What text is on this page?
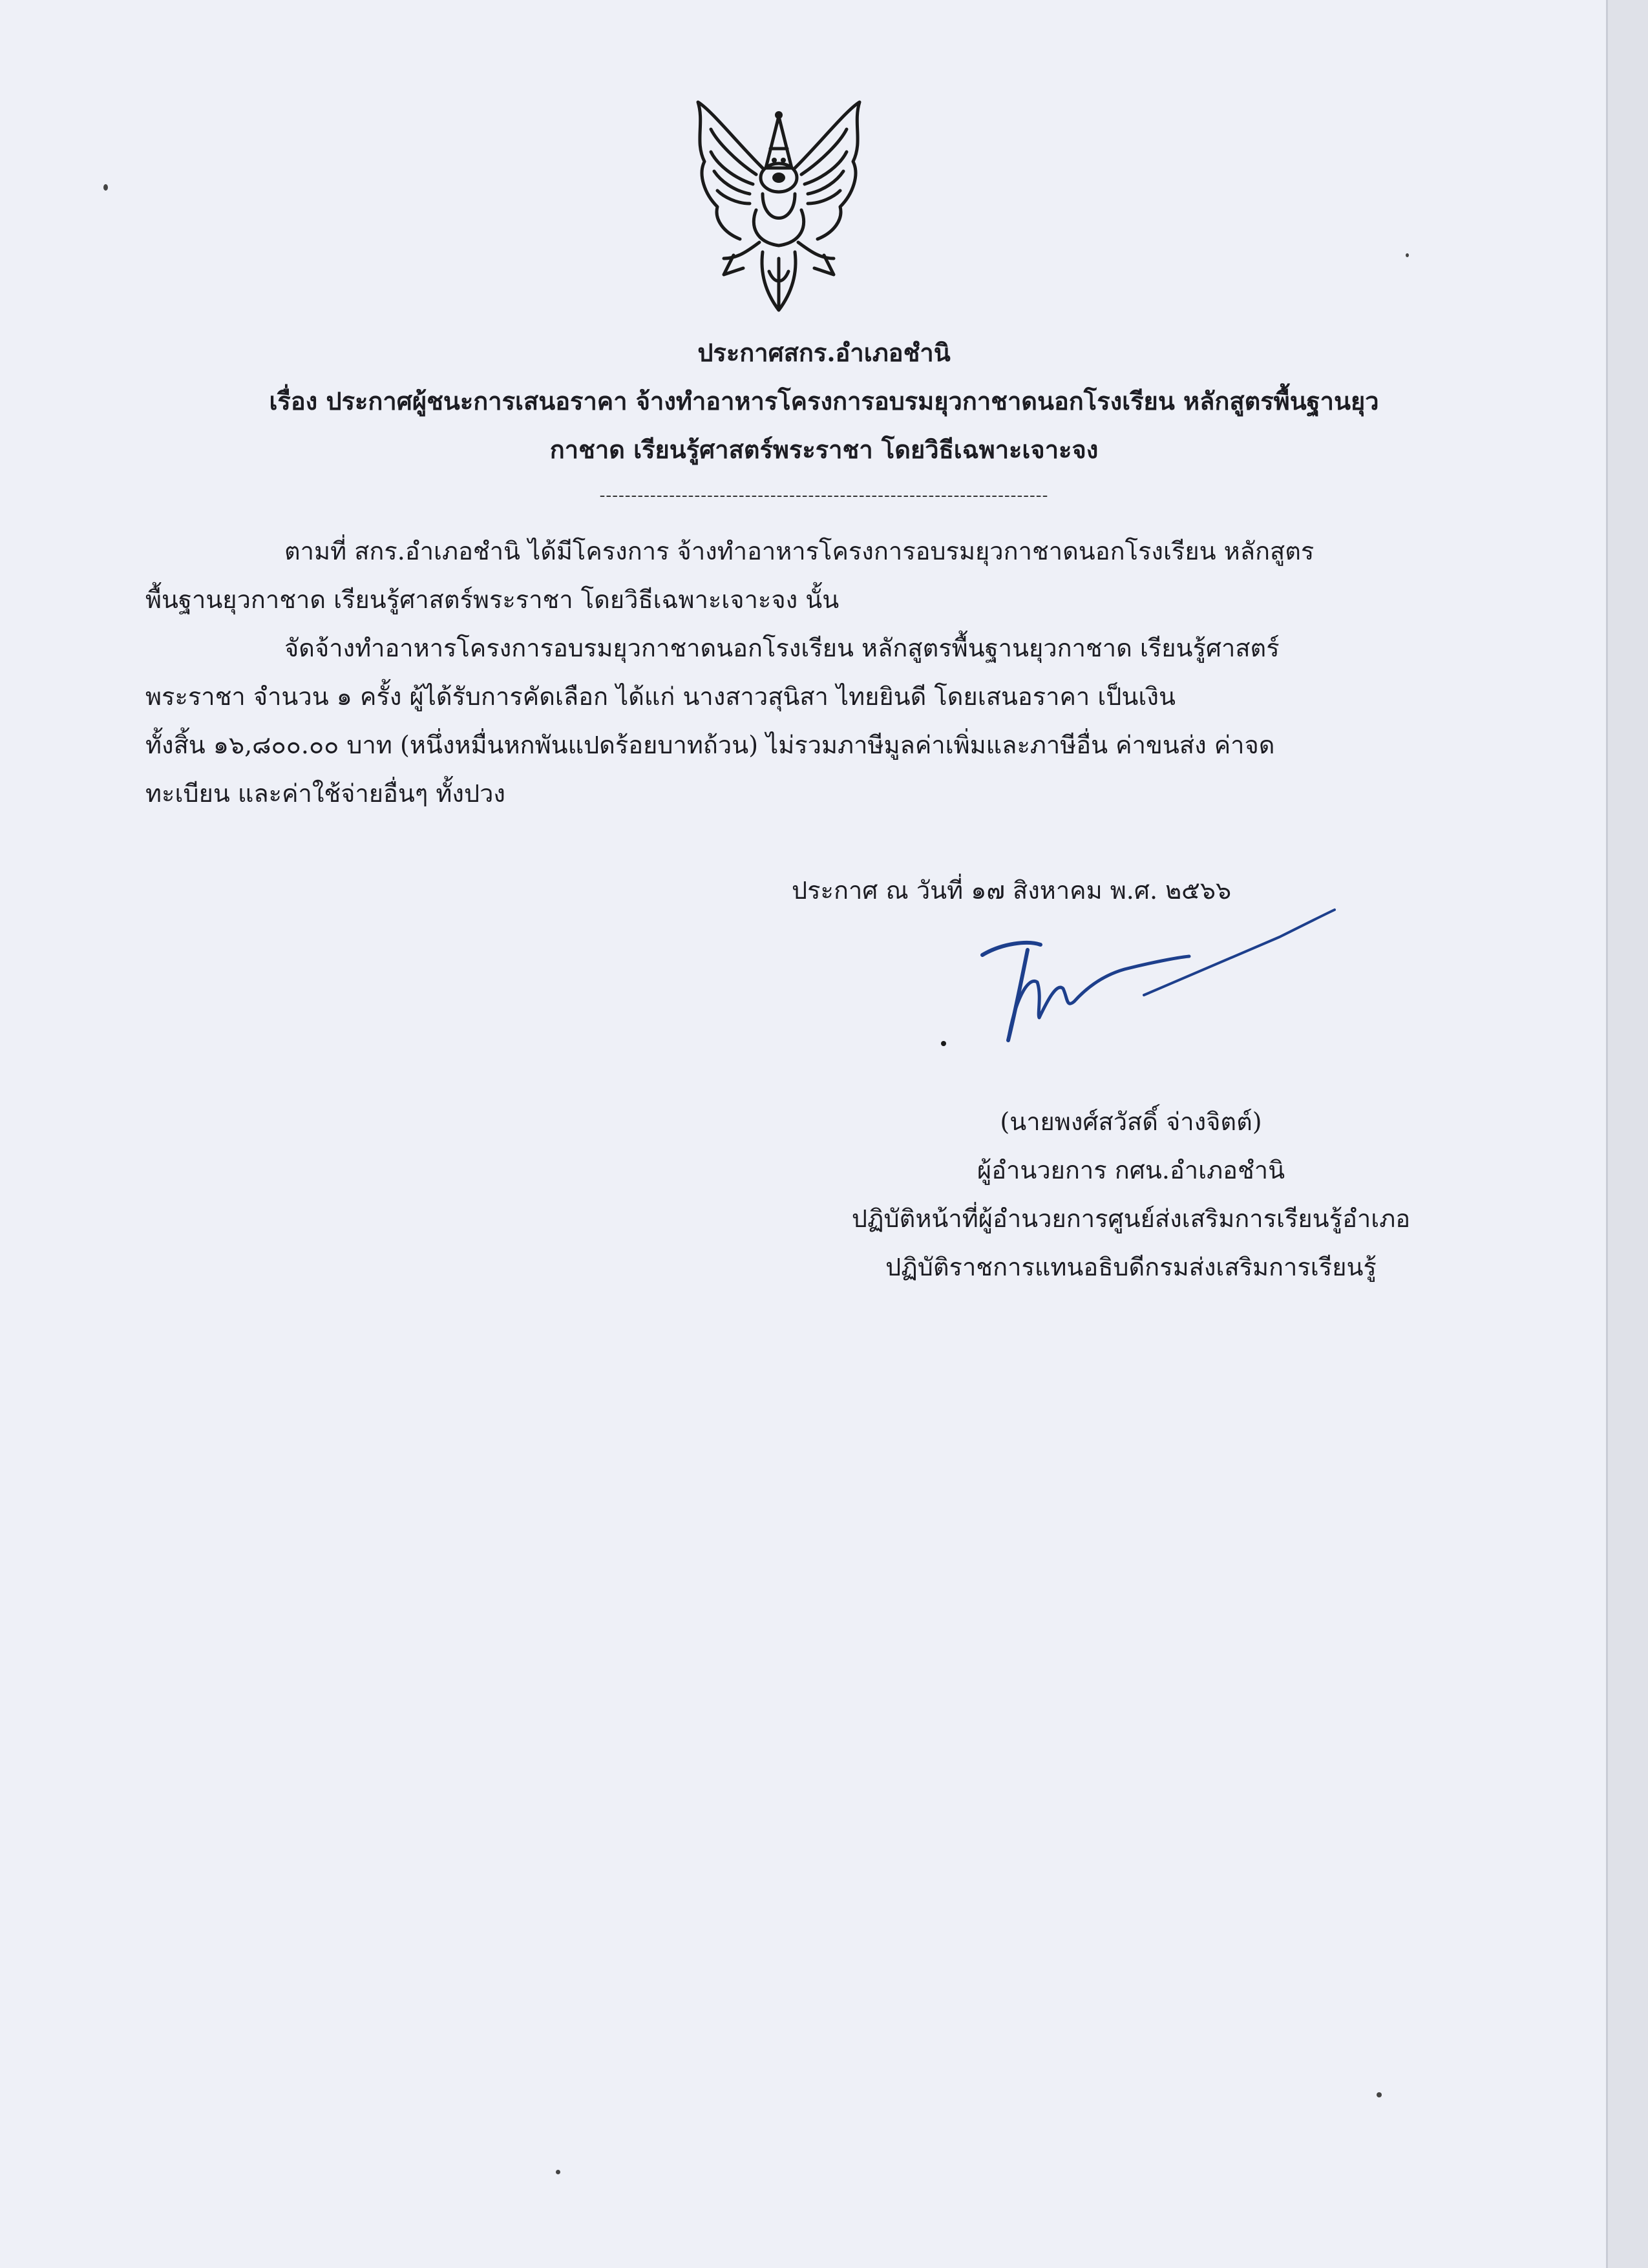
ประกาศสกร.อำเภอชำนิ
เรื่อง ประกาศผู้ชนะการเสนอราคา จ้างทำอาหารโครงการอบรมยุวกาชาดนอกโรงเรียน หลักสูตรพื้นฐานยุว
กาชาด เรียนรู้ศาสตร์พระราชา โดยวิธีเฉพาะเจาะจง
-----------------------------------------------------------------------
ตามที่ สกร.อำเภอชำนิ ได้มีโครงการ จ้างทำอาหารโครงการอบรมยุวกาชาดนอกโรงเรียน หลักสูตร
พื้นฐานยุวกาชาด เรียนรู้ศาสตร์พระราชา โดยวิธีเฉพาะเจาะจง นั้น
จัดจ้างทำอาหารโครงการอบรมยุวกาชาดนอกโรงเรียน หลักสูตรพื้นฐานยุวกาชาด เรียนรู้ศาสตร์
พระราชา จำนวน ๑ ครั้ง ผู้ได้รับการคัดเลือก ได้แก่ นางสาวสุนิสา ไทยยินดี โดยเสนอราคา เป็นเงิน
ทั้งสิ้น ๑๖,๘๐๐.๐๐ บาท (หนึ่งหมื่นหกพันแปดร้อยบาทถ้วน) ไม่รวมภาษีมูลค่าเพิ่มและภาษีอื่น ค่าขนส่ง ค่าจด
ทะเบียน และค่าใช้จ่ายอื่นๆ ทั้งปวง
ประกาศ ณ วันที่ ๑๗ สิงหาคม พ.ศ. ๒๕๖๖
(นายพงศ์สวัสดิ์ จ่างจิตต์)
ผู้อำนวยการ กศน.อำเภอชำนิ
ปฏิบัติหน้าที่ผู้อำนวยการศูนย์ส่งเสริมการเรียนรู้อำเภอ
ปฏิบัติราชการแทนอธิบดีกรมส่งเสริมการเรียนรู้
